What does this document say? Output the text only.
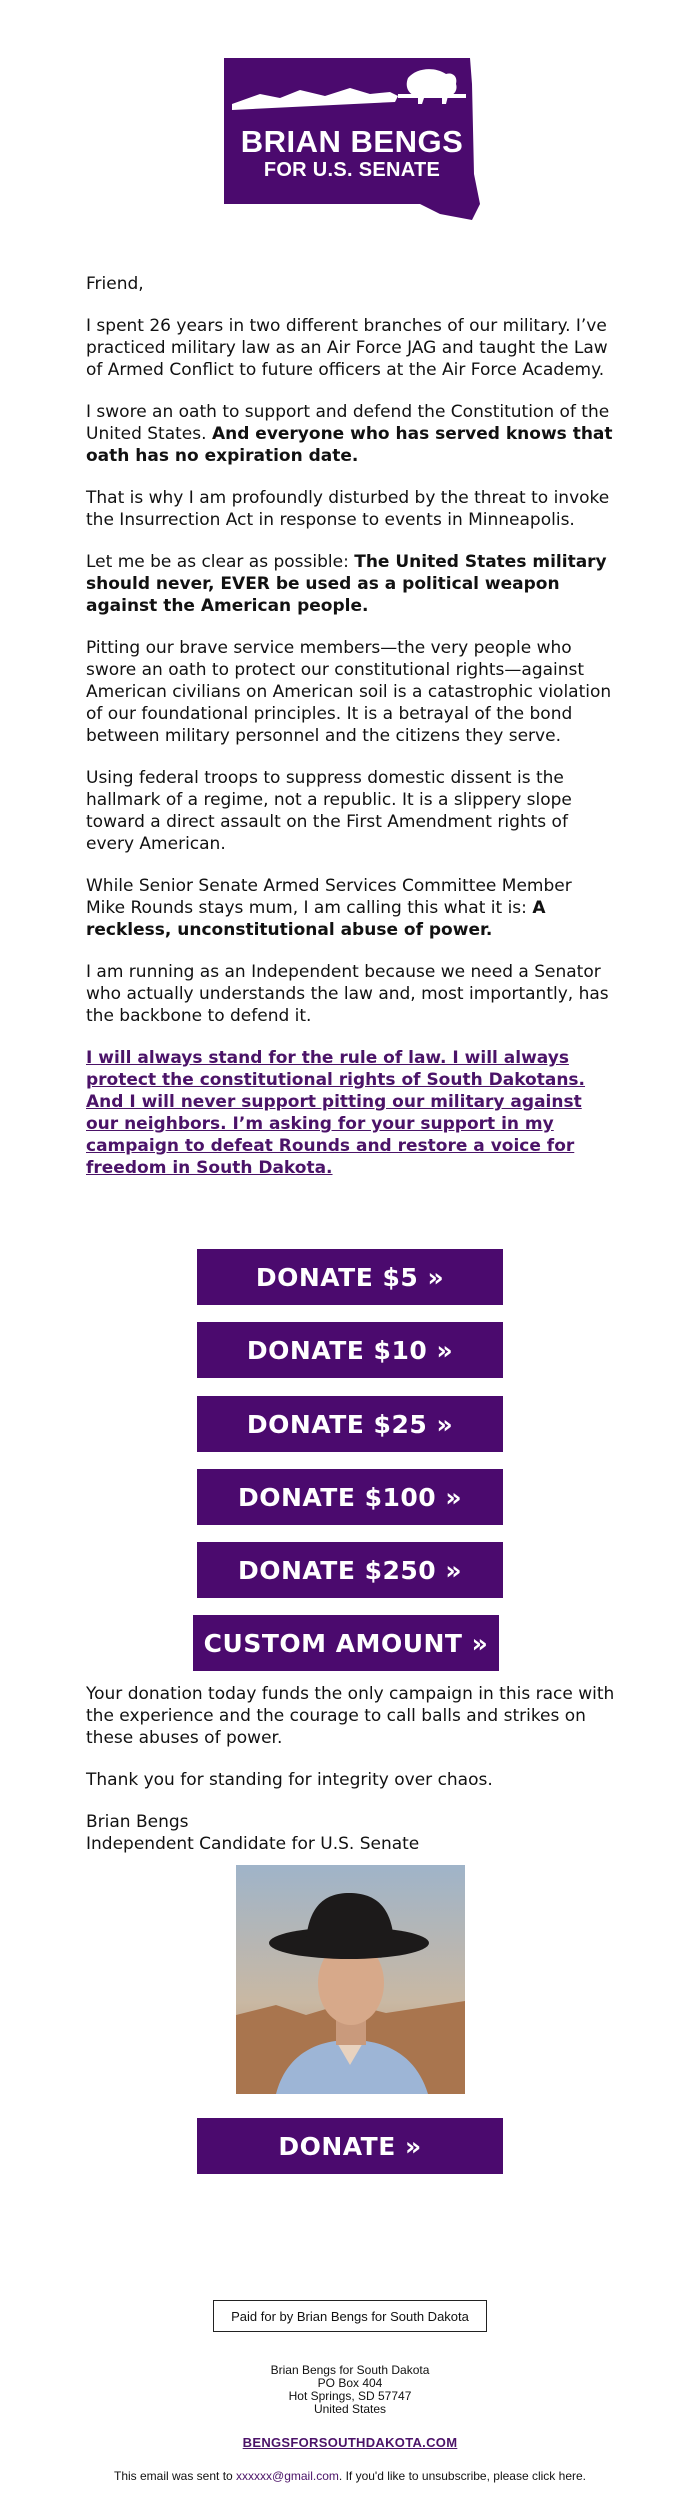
BRIAN BENGS
FOR U.S. SENATE

Friend,

I spent 26 years in two different branches of our military. I’ve practiced military law as an Air Force JAG and taught the Law of Armed Conflict to future officers at the Air Force Academy.

I swore an oath to support and defend the Constitution of the United States. And everyone who has served knows that oath has no expiration date.

That is why I am profoundly disturbed by the threat to invoke the Insurrection Act in response to events in Minneapolis.

Let me be as clear as possible: The United States military should never, EVER be used as a political weapon against the American people.

Pitting our brave service members—the very people who swore an oath to protect our constitutional rights—against American civilians on American soil is a catastrophic violation of our foundational principles. It is a betrayal of the bond between military personnel and the citizens they serve.

Using federal troops to suppress domestic dissent is the hallmark of a regime, not a republic. It is a slippery slope toward a direct assault on the First Amendment rights of every American.

While Senior Senate Armed Services Committee Member Mike Rounds stays mum, I am calling this what it is: A reckless, unconstitutional abuse of power.

I am running as an Independent because we need a Senator who actually understands the law and, most importantly, has the backbone to defend it.

I will always stand for the rule of law. I will always protect the constitutional rights of South Dakotans. And I will never support pitting our military against our neighbors. I’m asking for your support in my campaign to defeat Rounds and restore a voice for freedom in South Dakota.
DONATE $5 »
DONATE $10 »
DONATE $25 »
DONATE $100 »
DONATE $250 »
CUSTOM AMOUNT »

Your donation today funds the only campaign in this race with the experience and the courage to call balls and strikes on these abuses of power.

Thank you for standing for integrity over chaos.

Brian Bengs
Independent Candidate for U.S. Senate
DONATE »
Paid for by Brian Bengs for South Dakota
Brian Bengs for South Dakota
PO Box 404
Hot Springs, SD 57747
United States
BENGSFORSOUTHDAKOTA.COM
This email was sent to xxxxxx@gmail.com. If you'd like to unsubscribe, please click here.
